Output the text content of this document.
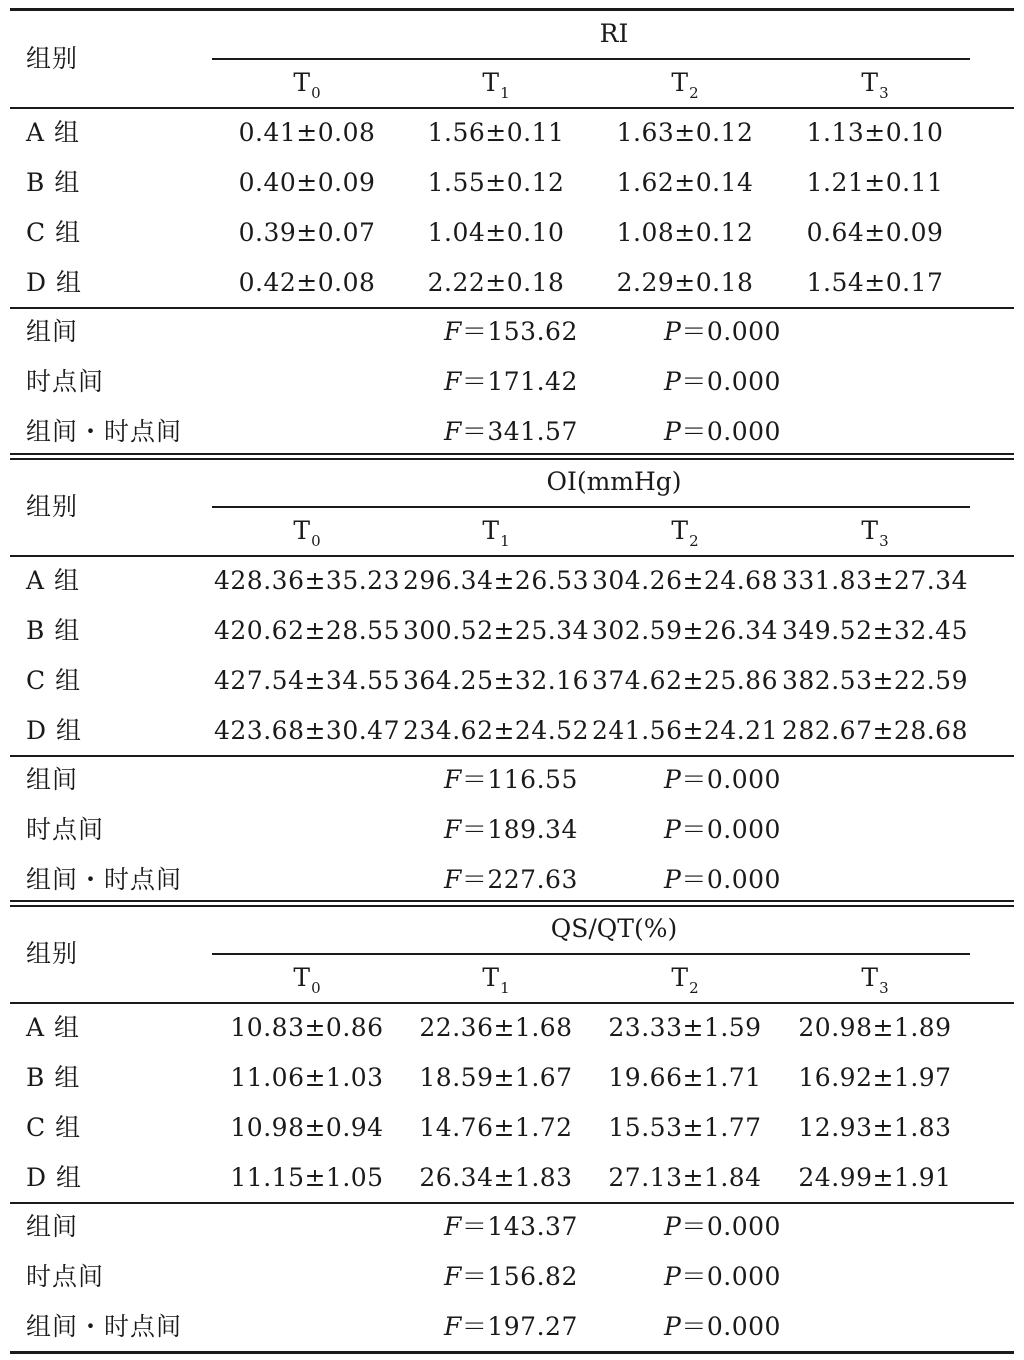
组别
RI
$T_0$	$T_1$	$T_2$	$T_3$
A 组	0.41±0.08 1.56±0.11 1.63±0.12 1.13±0.10
B 组	0.40±0.09 1.55±0.12 1.62±0.14 1.21±0.11
C 组	0.39±0.07 1.04±0.10 1.08±0.12 0.64±0.09
D 组	0.42±0.08 2.22±0.18 2.29±0.18 1.54±0.17
组间	F＝153.62	P＝0.000
时点间	F＝171.42	P＝0.000
组间・时点间	F＝341.57	P＝0.000
组别
OI(mmHg)
$T_0$	$T_1$	$T_2$	$T_3$
A 组	428.36±35.23 296.34±26.53 304.26±24.68 331.83±27.34
B 组	420.62±28.55 300.52±25.34 302.59±26.34 349.52±32.45
C 组	427.54±34.55 364.25±32.16 374.62±25.86 382.53±22.59
D 组	423.68±30.47 234.62±24.52 241.56±24.21 282.67±28.68
组间	F＝116.55	P＝0.000
时点间	F＝189.34	P＝0.000
组间・时点间	F＝227.63	P＝0.000
组别
QS/QT(%)
$T_0$	$T_1$	$T_2$	$T_3$
A 组	10.83±0.86 22.36±1.68 23.33±1.59 20.98±1.89
B 组	11.06±1.03 18.59±1.67 19.66±1.71 16.92±1.97
C 组	10.98±0.94 14.76±1.72 15.53±1.77 12.93±1.83
D 组	11.15±1.05 26.34±1.83 27.13±1.84 24.99±1.91
组间	F＝143.37	P＝0.000
时点间	F＝156.82	P＝0.000
组间・时点间	F＝197.27	P＝0.000
